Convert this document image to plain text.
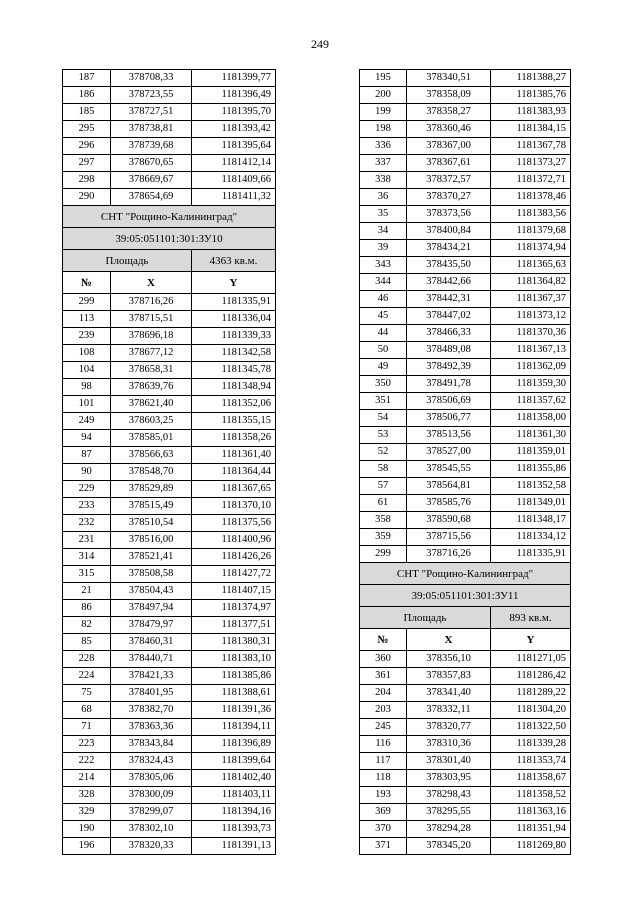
249
187	378708,33	1181399,77
186	378723,55	1181396,49
185	378727,51	1181395,70
295	378738,81	1181393,42
296	378739,68	1181395,64
297	378670,65	1181412,14
298	378669,67	1181409,66
290	378654,69	1181411,32
СНТ "Рощино-Калининград"		
39:05:051101:301:ЗУ10		
Площадь		4363 кв.м.
№	X	Y
299	378716,26	1181335,91
113	378715,51	1181336,04
239	378696,18	1181339,33
108	378677,12	1181342,58
104	378658,31	1181345,78
98	378639,76	1181348,94
101	378621,40	1181352,06
249	378603,25	1181355,15
94	378585,01	1181358,26
87	378566,63	1181361,40
90	378548,70	1181364,44
229	378529,89	1181367,65
233	378515,49	1181370,10
232	378510,54	1181375,56
231	378516,00	1181400,96
314	378521,41	1181426,26
315	378508,58	1181427,72
21	378504,43	1181407,15
86	378497,94	1181374,97
82	378479,97	1181377,51
85	378460,31	1181380,31
228	378440,71	1181383,10
224	378421,33	1181385,86
75	378401,95	1181388,61
68	378382,70	1181391,36
71	378363,36	1181394,11
223	378343,84	1181396,89
222	378324,43	1181399,64
214	378305,06	1181402,40
328	378300,09	1181403,11
329	378299,07	1181394,16
190	378302,10	1181393,73
196	378320,33	1181391,13
195	378340,51	1181388,27
200	378358,09	1181385,76
199	378358,27	1181383,93
198	378360,46	1181384,15
336	378367,00	1181367,78
337	378367,61	1181373,27
338	378372,57	1181372,71
36	378370,27	1181378,46
35	378373,56	1181383,56
34	378400,84	1181379,68
39	378434,21	1181374,94
343	378435,50	1181365,63
344	378442,66	1181364,82
46	378442,31	1181367,37
45	378447,02	1181373,12
44	378466,33	1181370,36
50	378489,08	1181367,13
49	378492,39	1181362,09
350	378491,78	1181359,30
351	378506,69	1181357,62
54	378506,77	1181358,00
53	378513,56	1181361,30
52	378527,00	1181359,01
58	378545,55	1181355,86
57	378564,81	1181352,58
61	378585,76	1181349,01
358	378590,68	1181348,17
359	378715,56	1181334,12
299	378716,26	1181335,91
СНТ "Рощино-Калининград"		
39:05:051101:301:ЗУ11		
Площадь		893 кв.м.
№	X	Y
360	378356,10	1181271,05
361	378357,83	1181286,42
204	378341,40	1181289,22
203	378332,11	1181304,20
245	378320,77	1181322,50
116	378310,36	1181339,28
117	378301,40	1181353,74
118	378303,95	1181358,67
193	378298,43	1181358,52
369	378295,55	1181363,16
370	378294,28	1181351,94
371	378345,20	1181269,80
